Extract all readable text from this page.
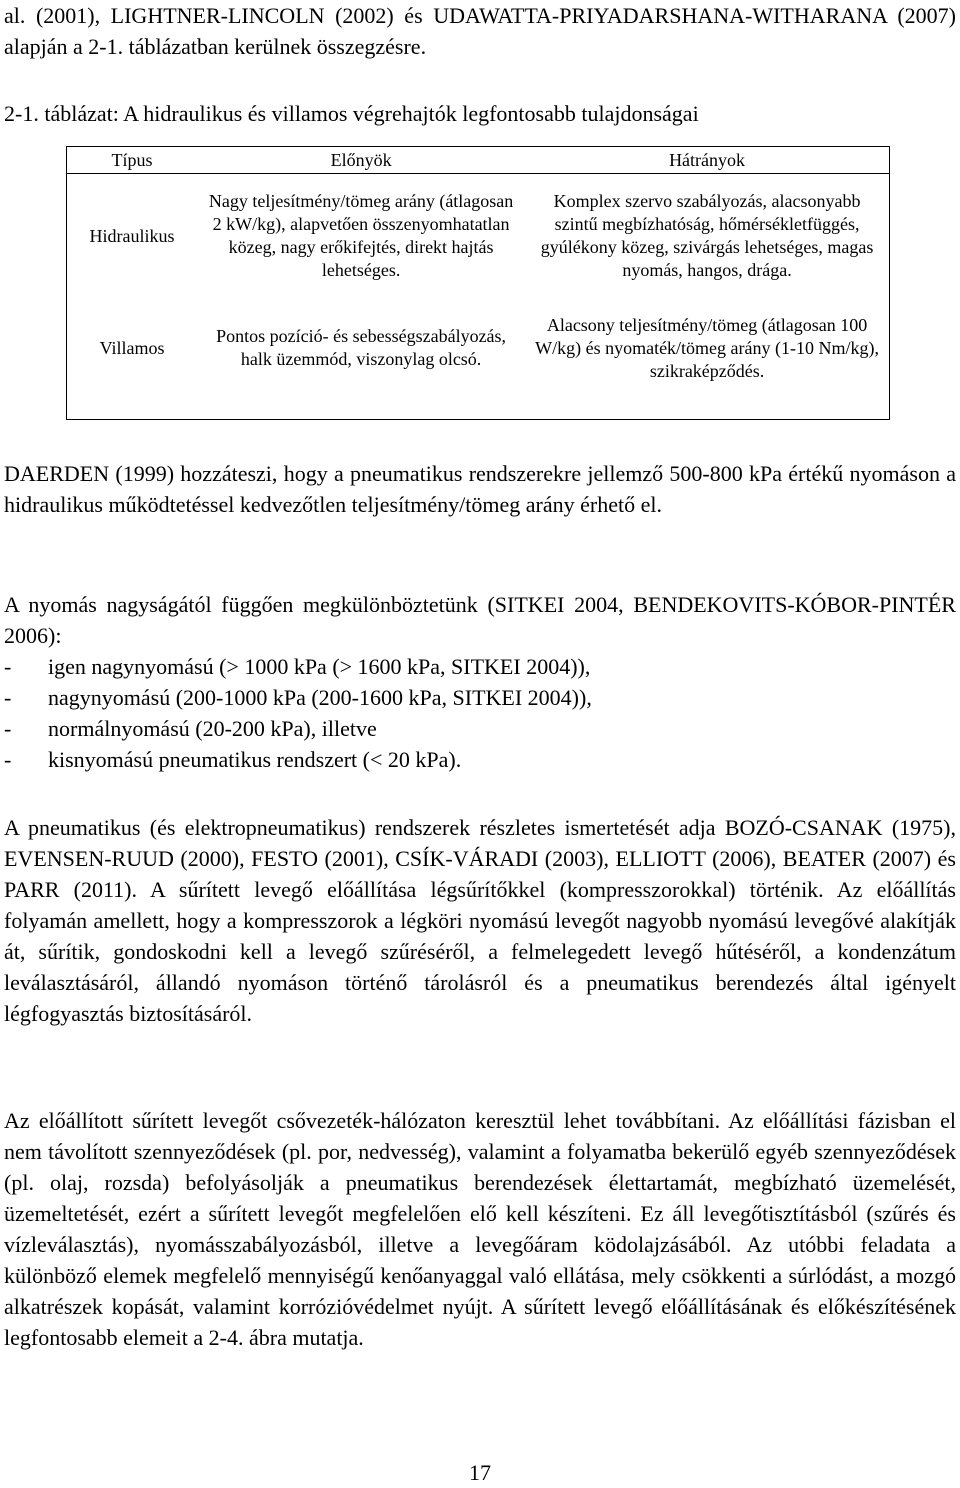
al. (2001), LIGHTNER-LINCOLN (2002) és UDAWATTA-PRIYADARSHANA-WITHARANA (2007) alapján a 2-1. táblázatban kerülnek összegzésre.
2-1. táblázat: A hidraulikus és villamos végrehajtók legfontosabb tulajdonságai
Típus	Előnyök	Hátrányok
Hidraulikus	Nagy teljesítmény/tömeg arány (átlagosan 2 kW/kg), alapvetően összenyomhatatlan közeg, nagy erőkifejtés, direkt hajtás lehetséges.	Komplex szervo szabályozás, alacsonyabb szintű megbízhatóság, hőmérsékletfüggés, gyúlékony közeg, szivárgás lehetséges, magas nyomás, hangos, drága.
Villamos	Pontos pozíció- és sebességszabályozás, halk üzemmód, viszonylag olcsó.	Alacsony teljesítmény/tömeg (átlagosan 100 W/kg) és nyomaték/tömeg arány (1-10 Nm/kg), szikraképződés.
DAERDEN (1999) hozzáteszi, hogy a pneumatikus rendszerekre jellemző 500-800 kPa értékű nyomáson a hidraulikus működtetéssel kedvezőtlen teljesítmény/tömeg arány érhető el.
A nyomás nagyságától függően megkülönböztetünk (SITKEI 2004, BENDEKOVITS-KÓBOR-PINTÉR 2006):
-	igen nagynyomású (> 1000 kPa (> 1600 kPa, SITKEI 2004)),
-	nagynyomású (200-1000 kPa (200-1600 kPa, SITKEI 2004)),
-	normálnyomású (20-200 kPa), illetve
-	kisnyomású pneumatikus rendszert (< 20 kPa).
A pneumatikus (és elektropneumatikus) rendszerek részletes ismertetését adja BOZÓ-CSANAK (1975), EVENSEN-RUUD (2000), FESTO (2001), CSÍK-VÁRADI (2003), ELLIOTT (2006), BEATER (2007) és PARR (2011). A sűrített levegő előállítása légsűrítőkkel (kompresszorokkal) történik. Az előállítás folyamán amellett, hogy a kompresszorok a légköri nyomású levegőt nagyobb nyomású levegővé alakítják át, sűrítik, gondoskodni kell a levegő szűréséről, a felmelegedett levegő hűtéséről, a kondenzátum leválasztásáról, állandó nyomáson történő tárolásról és a pneumatikus berendezés által igényelt légfogyasztás biztosításáról.
Az előállított sűrített levegőt csővezeték-hálózaton keresztül lehet továbbítani. Az előállítási fázisban el nem távolított szennyeződések (pl. por, nedvesség), valamint a folyamatba bekerülő egyéb szennyeződések (pl. olaj, rozsda) befolyásolják a pneumatikus berendezések élettartamát, megbízható üzemelését, üzemeltetését, ezért a sűrített levegőt megfelelően elő kell készíteni. Ez áll levegőtisztításból (szűrés és vízleválasztás), nyomásszabályozásból, illetve a levegőáram ködolajzásából. Az utóbbi feladata a különböző elemek megfelelő mennyiségű kenőanyaggal való ellátása, mely csökkenti a súrlódást, a mozgó alkatrészek kopását, valamint korrózióvédelmet nyújt. A sűrített levegő előállításának és előkészítésének legfontosabb elemeit a 2-4. ábra mutatja.
17
